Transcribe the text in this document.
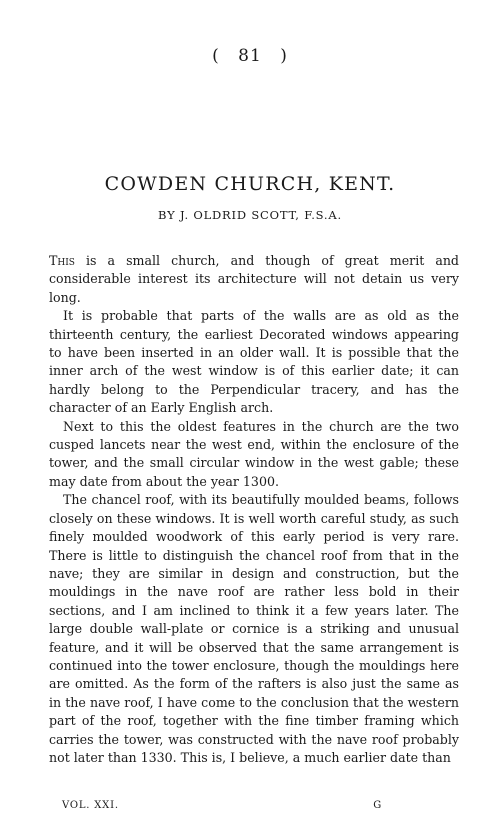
( 81 )
COWDEN CHURCH, KENT.
BY J. OLDRID SCOTT, F.S.A.

This is a small church, and though of great merit and considerable interest its architecture will not detain us very long.

It is probable that parts of the walls are as old as the thirteenth century, the earliest Decorated windows appearing to have been inserted in an older wall. It is possible that the inner arch of the west window is of this earlier date; it can hardly belong to the Perpendicular tracery, and has the character of an Early English arch.

Next to this the oldest features in the church are the two cusped lancets near the west end, within the enclosure of the tower, and the small circular window in the west gable; these may date from about the year 1300.

The chancel roof, with its beautifully moulded beams, follows closely on these windows. It is well worth careful study, as such finely moulded woodwork of this early period is very rare. There is little to distinguish the chancel roof from that in the nave; they are similar in design and construction, but the mouldings in the nave roof are rather less bold in their sections, and I am inclined to think it a few years later. The large double wall-plate or cornice is a striking and unusual feature, and it will be observed that the same arrangement is continued into the tower enclosure, though the mouldings here are omitted. As the form of the rafters is also just the same as in the nave roof, I have come to the conclusion that the western part of the roof, together with the fine timber framing which carries the tower, was constructed with the nave roof probably not later than 1330. This is, I believe, a much earlier date than

VOL. XXI.	G
